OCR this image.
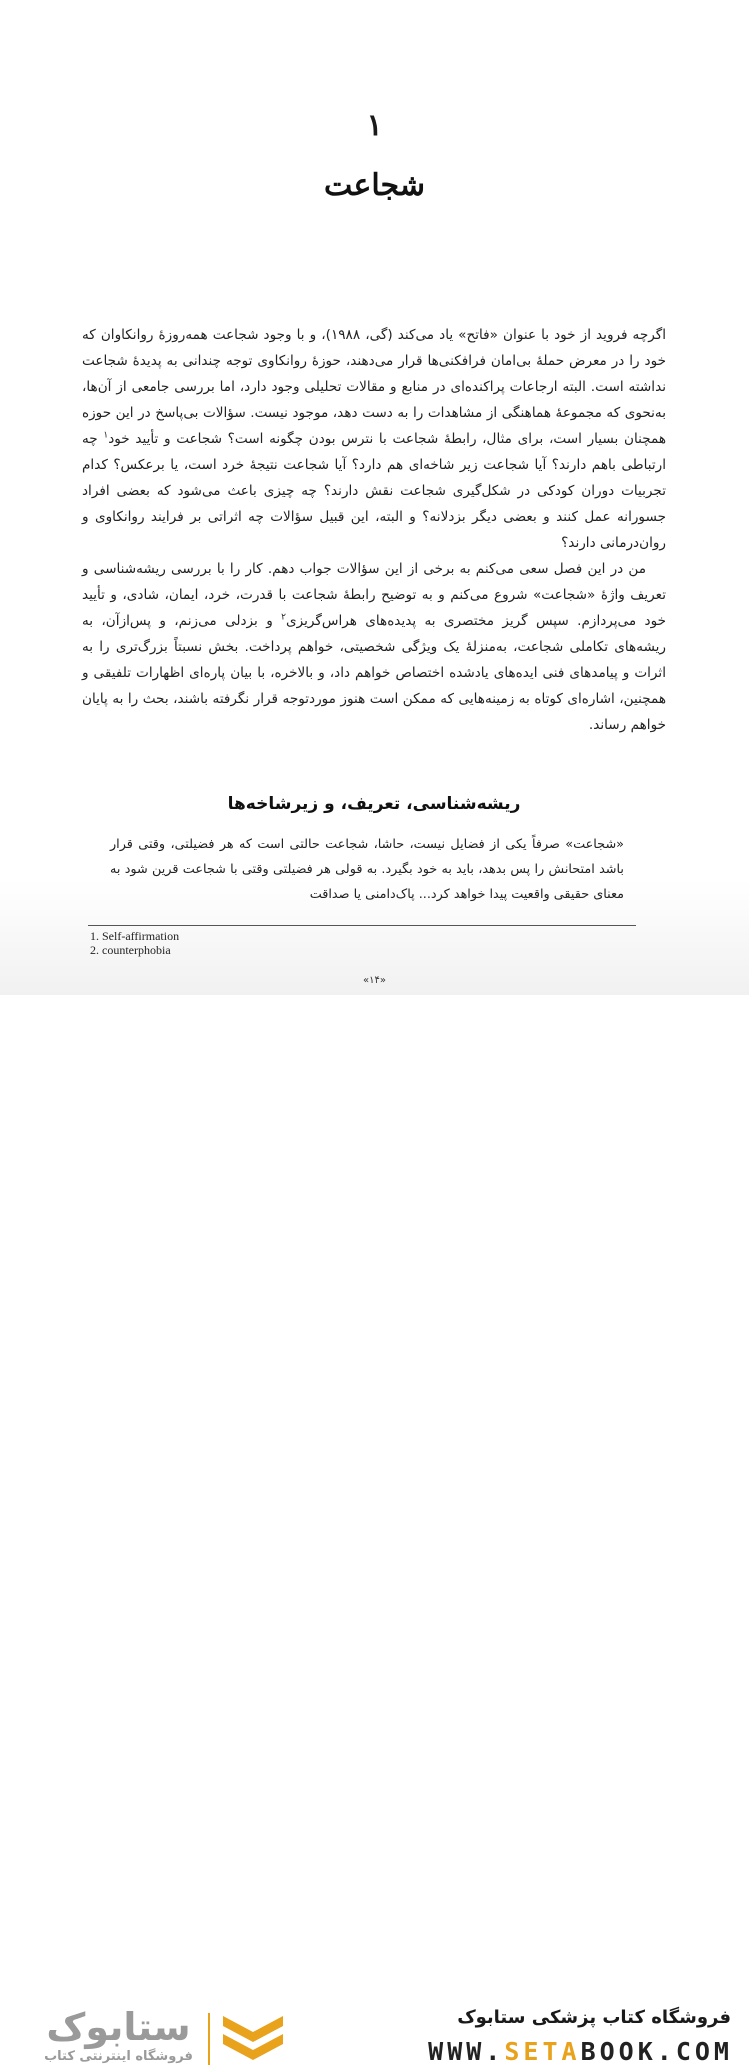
۱
شجاعت

اگرچه فروید از خود با عنوان «فاتح» یاد می‌کند (گی، ۱۹۸۸)، و با وجود شجاعت همه‌روزهٔ روانکاوان که خود را در معرض حملهٔ بی‌امان فرافکنی‌ها قرار می‌دهند، حوزهٔ روانکاوی توجه چندانی به پدیدهٔ شجاعت نداشته است. البته ارجاعات پراکنده‌ای در منابع و مقالات تحلیلی وجود دارد، اما بررسی جامعی از آن‌ها، به‌نحوی که مجموعهٔ هماهنگی از مشاهدات را به دست دهد، موجود نیست. سؤالات بی‌پاسخ در این حوزه همچنان بسیار است، برای مثال، رابطهٔ شجاعت با نترس بودن چگونه است؟ شجاعت و تأیید خود$^۱$ چه ارتباطی باهم دارند؟ آیا شجاعت زیر شاخه‌ای هم دارد؟ آیا شجاعت نتیجهٔ خرد است، یا برعکس؟ کدام تجربیات دوران کودکی در شکل‌گیری شجاعت نقش دارند؟ چه چیزی باعث می‌شود که بعضی افراد جسورانه عمل کنند و بعضی دیگر بزدلانه؟ و البته، این قبیل سؤالات چه اثراتی بر فرایند روانکاوی و روان‌درمانی دارند؟

من در این فصل سعی می‌کنم به برخی از این سؤالات جواب دهم. کار را با بررسی ریشه‌شناسی و تعریف واژهٔ «شجاعت» شروع می‌کنم و به توضیح رابطهٔ شجاعت با قدرت، خرد، ایمان، شادی، و تأیید خود می‌پردازم. سپس گریز مختصری به پدیده‌های هراس‌گریزی$^۲$ و بزدلی می‌زنم، و پس‌ازآن، به ریشه‌های تکاملی شجاعت، به‌منزلهٔ یک ویژگی شخصیتی، خواهم پرداخت. بخش نسبتاً بزرگ‌تری را به اثرات و پیامدهای فنی ایده‌های یادشده اختصاص خواهم داد، و بالاخره، با بیان پاره‌ای اظهارات تلفیقی و همچنین، اشاره‌ای کوتاه به زمینه‌هایی که ممکن است هنوز موردتوجه قرار نگرفته باشند، بحث را به پایان خواهم رساند.

ریشه‌شناسی، تعریف، و زیرشاخه‌ها
«شجاعت» صرفاً یکی از فضایل نیست، حاشا، شجاعت حالتی است که هر فضیلتی، وقتی قرار باشد امتحانش را پس بدهد، باید به خود بگیرد. به قولی هر فضیلتی وقتی با شجاعت قرین شود به معنای حقیقی واقعیت پیدا خواهد کرد... پاک‌دامنی یا صداقت
1. Self-affirmation
2. counterphobia
«۱۴»
ستابوک
فروشگاه اینترنتی کتاب
فروشگاه کتاب پزشکی ستابوک
WWW.SETABOOK.COM
